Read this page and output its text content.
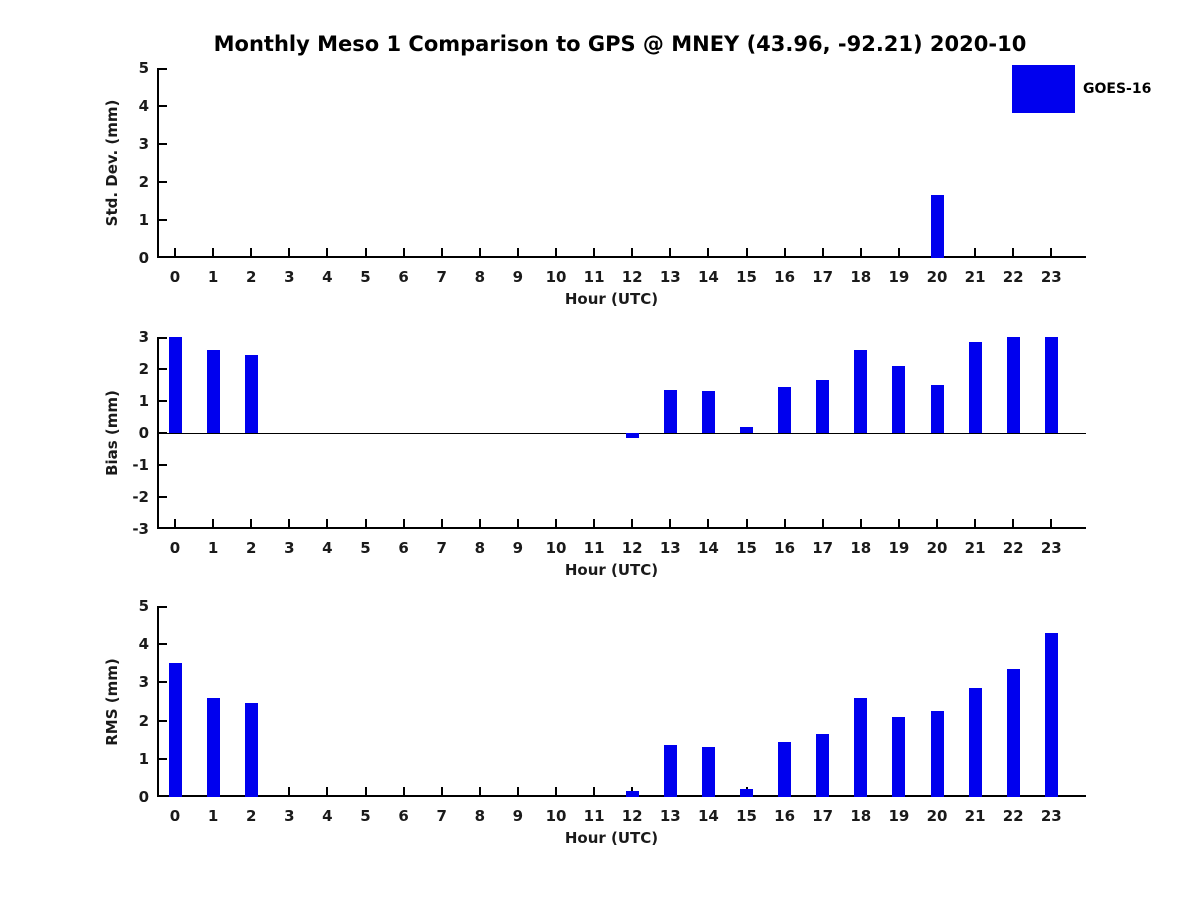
Monthly Meso 1 Comparison to GPS @ MNEY (43.96, -92.21) 2020-10
GOES-16
0
1
2
3
4
5
0	1	2	3	4	5	6	7	8	9	10	11	12	13	14	15	16	17	18	19	20	21	22	23
Hour (UTC)
Std. Dev. (mm)
-3
-2
-1
0
1
2
3
0	1	2	3	4	5	6	7	8	9	10	11	12	13	14	15	16	17	18	19	20	21	22	23
Hour (UTC)
Bias (mm)
0
1
2
3
4
5
0	1	2	3	4	5	6	7	8	9	10	11	12	13	14	15	16	17	18	19	20	21	22	23
Hour (UTC)
RMS (mm)
